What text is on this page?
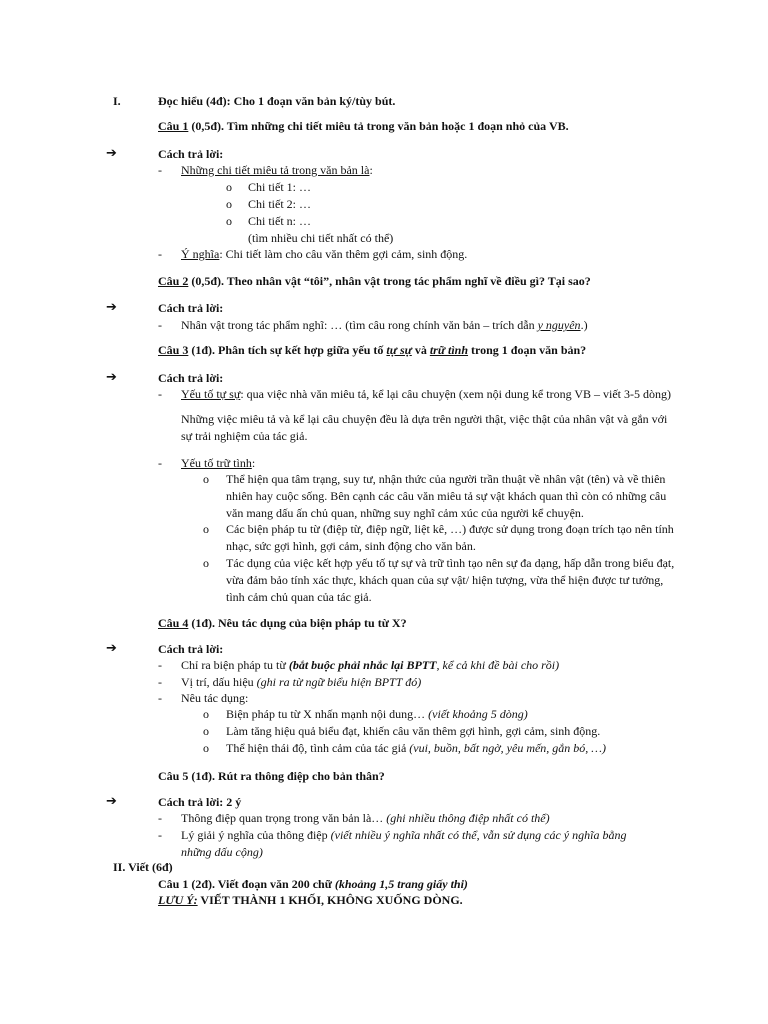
I.	Đọc hiểu (4đ): Cho 1 đoạn văn bản ký/tùy bút.
Câu 1 (0,5đ). Tìm những chi tiết miêu tả trong văn bản hoặc 1 đoạn nhỏ của VB.
➔	Cách trả lời:
- Những chi tiết miêu tả trong văn bản là:
o Chi tiết 1: …
o Chi tiết 2: …
o Chi tiết n: …
(tìm nhiều chi tiết nhất có thể)
- Ý nghĩa: Chi tiết làm cho câu văn thêm gợi cảm, sinh động.
Câu 2 (0,5đ). Theo nhân vật “tôi”, nhân vật trong tác phẩm nghĩ về điều gì? Tại sao?
➔	Cách trả lời:
- Nhân vật trong tác phẩm nghĩ: … (tìm câu rong chính văn bản – trích dẫn y nguyên.)
Câu 3 (1đ). Phân tích sự kết hợp giữa yếu tố tự sự và trữ tình trong 1 đoạn văn bản?
➔	Cách trả lời:
- Yếu tố tự sự: qua việc nhà văn miêu tả, kể lại câu chuyện (xem nội dung kể trong VB – viết 3-5 dòng)
Những việc miêu tả và kể lại câu chuyện đều là dựa trên người thật, việc thật của nhân vật và gắn với sự trải nghiệm của tác giả.
- Yếu tố trữ tình:
o Thể hiện qua tâm trạng, suy tư, nhận thức của người trần thuật về nhân vật (tên) và về thiên nhiên hay cuộc sống. Bên cạnh các câu văn miêu tả sự vật khách quan thì còn có những câu văn mang dấu ấn chủ quan, những suy nghĩ cảm xúc của người kể chuyện.
o Các biện pháp tu từ (điệp từ, điệp ngữ, liệt kê, …) được sử dụng trong đoạn trích tạo nên tính nhạc, sức gợi hình, gợi cảm, sinh động cho văn bản.
o Tác dụng của việc kết hợp yếu tố tự sự và trữ tình tạo nên sự đa dạng, hấp dẫn trong biểu đạt, vừa đảm bảo tính xác thực, khách quan của sự vật/ hiện tượng, vừa thể hiện được tư tưởng, tình cảm chủ quan của tác giả.
Câu 4 (1đ). Nêu tác dụng của biện pháp tu từ X?
➔	Cách trả lời:
- Chỉ ra biện pháp tu từ (bắt buộc phải nhắc lại BPTT, kể cả khi đề bài cho rồi)
- Vị trí, dấu hiệu (ghi ra từ ngữ biểu hiện BPTT đó)
- Nêu tác dụng:
o Biện pháp tu từ X nhấn mạnh nội dung… (viết khoảng 5 dòng)
o Làm tăng hiệu quả biểu đạt, khiến câu văn thêm gợi hình, gợi cảm, sinh động.
o Thể hiện thái độ, tình cảm của tác giả (vui, buồn, bất ngờ, yêu mến, gắn bó, …)
Câu 5 (1đ). Rút ra thông điệp cho bản thân?
➔	Cách trả lời: 2 ý
- Thông điệp quan trọng trong văn bản là… (ghi nhiều thông điệp nhất có thể)
- Lý giải ý nghĩa của thông điệp (viết nhiều ý nghĩa nhất có thể, vẫn sử dụng các ý nghĩa bằng những dấu cộng)
II. Viết (6đ)
Câu 1 (2đ). Viết đoạn văn 200 chữ (khoảng 1,5 trang giấy thi)
LƯU Ý: VIẾT THÀNH 1 KHỐI, KHÔNG XUỐNG DÒNG.
